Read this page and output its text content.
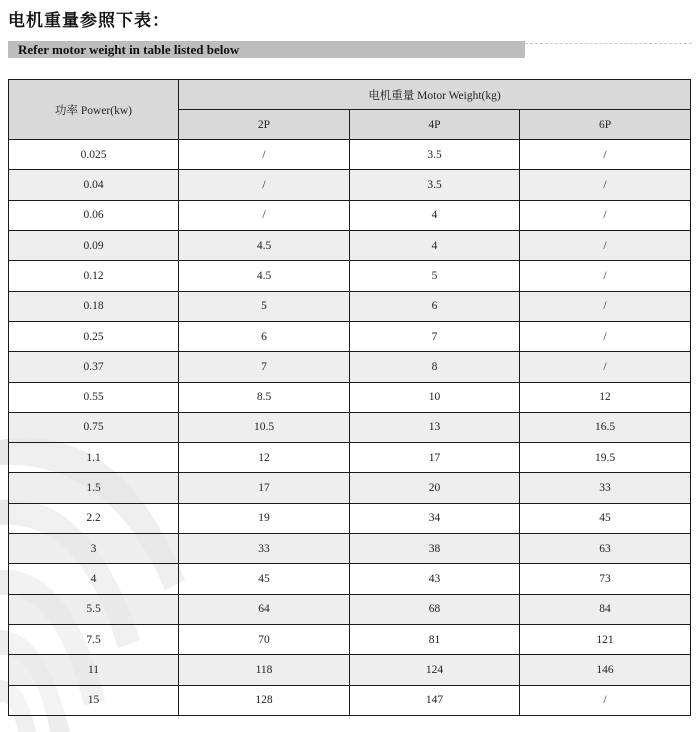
电机重量参照下表：
Refer motor weight in table listed below
功率 Power(kw)	电机重量 Motor Weight(kg)		
	2P	4P	6P
0.025	/	3.5	/
0.04	/	3.5	/
0.06	/	4	/
0.09	4.5	4	/
0.12	4.5	5	/
0.18	5	6	/
0.25	6	7	/
0.37	7	8	/
0.55	8.5	10	12
0.75	10.5	13	16.5
1.1	12	17	19.5
1.5	17	20	33
2.2	19	34	45
3	33	38	63
4	45	43	73
5.5	64	68	84
7.5	70	81	121
11	118	124	146
15	128	147	/
